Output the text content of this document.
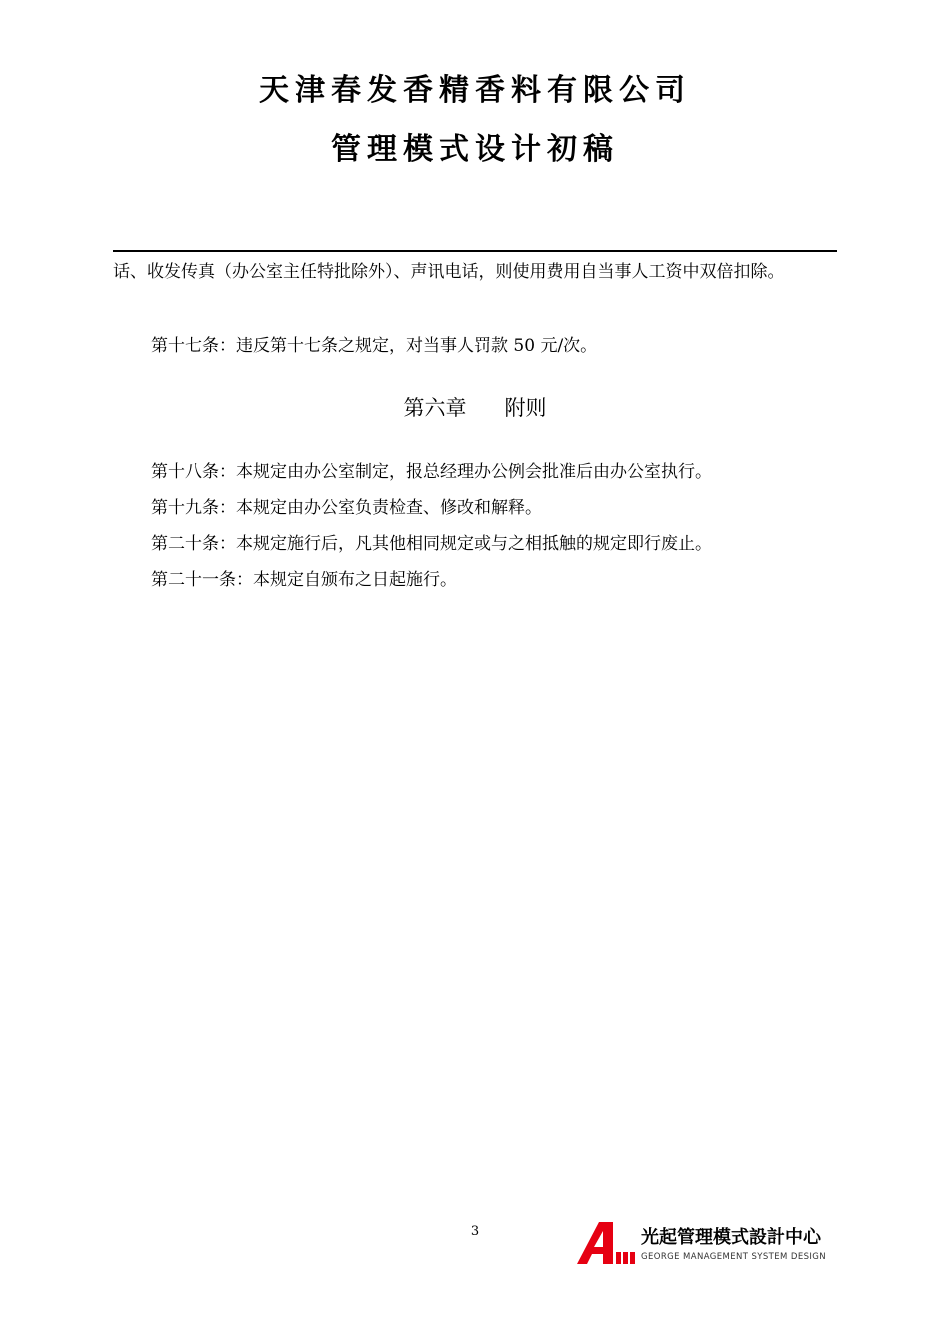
天津春发香精香料有限公司
管理模式设计初稿
话、收发传真（办公室主任特批除外）、声讯电话，则使用费用自当事人工资中双倍扣除。
第十七条：违反第十七条之规定，对当事人罚款 50 元/次。
第六章 附则
第十八条：本规定由办公室制定，报总经理办公例会批准后由办公室执行。
第十九条：本规定由办公室负责检查、修改和解释。
第二十条：本规定施行后，凡其他相同规定或与之相抵触的规定即行废止。
第二十一条：本规定自颁布之日起施行。
3	光起管理模式設計中心
GEORGE MANAGEMENT SYSTEM DESIGN
